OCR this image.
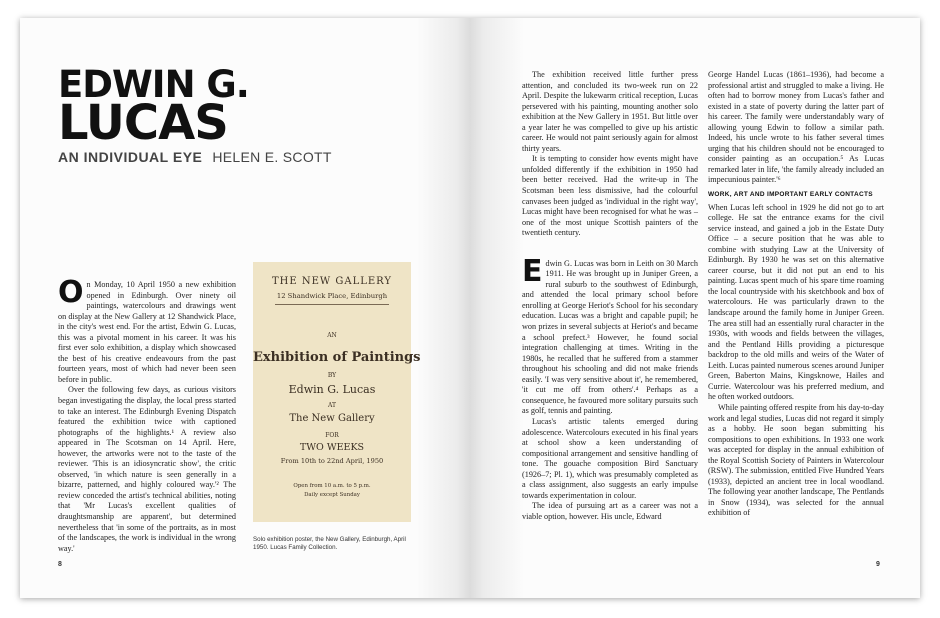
EDWIN G.
LUCAS
AN INDIVIDUAL EYE HELEN E. SCOTT

On Monday, 10 April 1950 a new exhibition opened in Edinburgh. Over ninety oil paintings, watercolours and drawings went on display at the New Gallery at 12 Shandwick Place, in the city's west end. For the artist, Edwin G. Lucas, this was a pivotal moment in his career. It was his first ever solo exhibition, a display which showcased the best of his creative endeavours from the past fourteen years, most of which had never been seen before in public.

Over the following few days, as curious visitors began investigating the display, the local press started to take an interest. The Edinburgh Evening Dispatch featured the exhibition twice with captioned photographs of the highlights.¹ A review also appeared in The Scotsman on 14 April. Here, however, the artworks were not to the taste of the reviewer. 'This is an idiosyncratic show', the critic observed, 'in which nature is seen generally in a bizarre, patterned, and highly coloured way.'² The review conceded the artist's technical abilities, noting that 'Mr Lucas's excellent qualities of draughtsmanship are apparent', but determined nevertheless that 'in some of the portraits, as in most of the landscapes, the work is individual in the wrong way.'

THE NEW GALLERY
12 Shandwick Place, Edinburgh
AN
Exhibition of Paintings
BY
Edwin G. Lucas
AT
The New Gallery
FOR
TWO WEEKS
From 10th to 22nd April, 1950
Open from 10 a.m. to 5 p.m.
Daily except Sunday

Solo exhibition poster, the New Gallery, Edinburgh, April 1950. Lucas Family Collection.

8

The exhibition received little further press attention, and concluded its two-week run on 22 April. Despite the lukewarm critical reception, Lucas persevered with his painting, mounting another solo exhibition at the New Gallery in 1951. But little over a year later he was compelled to give up his artistic career. He would not paint seriously again for almost thirty years.

It is tempting to consider how events might have unfolded differently if the exhibition in 1950 had been better received. Had the write-up in The Scotsman been less dismissive, had the colourful canvases been judged as 'individual in the right way', Lucas might have been recognised for what he was – one of the most unique Scottish painters of the twentieth century.

Edwin G. Lucas was born in Leith on 30 March 1911. He was brought up in Juniper Green, a rural suburb to the southwest of Edinburgh, and attended the local primary school before enrolling at George Heriot's School for his secondary education. Lucas was a bright and capable pupil; he won prizes in several subjects at Heriot's and became a school prefect.³ However, he found social integration challenging at times. Writing in the 1980s, he recalled that he suffered from a stammer throughout his schooling and did not make friends easily. 'I was very sensitive about it', he remembered, 'it cut me off from others'.⁴ Perhaps as a consequence, he favoured more solitary pursuits such as golf, tennis and painting.

Lucas's artistic talents emerged during adolescence. Watercolours executed in his final years at school show a keen understanding of compositional arrangement and sensitive handling of tone. The gouache composition Bird Sanctuary (1926–7; Pl. 1), which was presumably completed as a class assignment, also suggests an early impulse towards experimentation in colour.

The idea of pursuing art as a career was not a viable option, however. His uncle, Edward

George Handel Lucas (1861–1936), had become a professional artist and struggled to make a living. He often had to borrow money from Lucas's father and existed in a state of poverty during the latter part of his career. The family were understandably wary of allowing young Edwin to follow a similar path. Indeed, his uncle wrote to his father several times urging that his children should not be encouraged to consider painting as an occupation.⁵ As Lucas remarked later in life, 'the family already included an impecunious painter.'⁶

WORK, ART AND IMPORTANT EARLY CONTACTS

When Lucas left school in 1929 he did not go to art college. He sat the entrance exams for the civil service instead, and gained a job in the Estate Duty Office – a secure position that he was able to combine with studying Law at the University of Edinburgh. By 1930 he was set on this alternative career course, but it did not put an end to his painting. Lucas spent much of his spare time roaming the local countryside with his sketchbook and box of watercolours. He was particularly drawn to the landscape around the family home in Juniper Green. The area still had an essentially rural character in the 1930s, with woods and fields between the villages, and the Pentland Hills providing a picturesque backdrop to the old mills and weirs of the Water of Leith. Lucas painted numerous scenes around Juniper Green, Baberton Mains, Kingsknowe, Hailes and Currie. Watercolour was his preferred medium, and he often worked outdoors.

While painting offered respite from his day-to-day work and legal studies, Lucas did not regard it simply as a hobby. He soon began submitting his compositions to open exhibitions. In 1933 one work was accepted for display in the annual exhibition of the Royal Scottish Society of Painters in Watercolour (RSW). The submission, entitled Five Hundred Years (1933), depicted an ancient tree in local woodland. The following year another landscape, The Pentlands in Snow (1934), was selected for the annual exhibition of

9
